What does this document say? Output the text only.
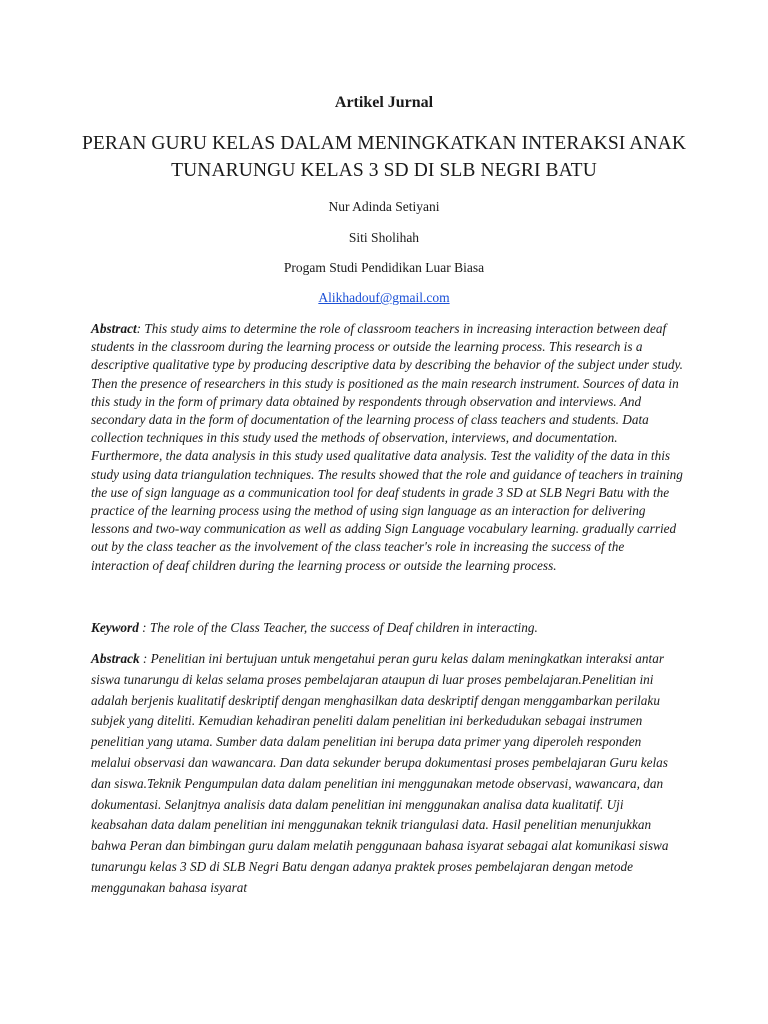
Artikel Jurnal
PERAN GURU KELAS DALAM MENINGKATKAN INTERAKSI ANAK TUNARUNGU KELAS 3 SD DI SLB NEGRI BATU
Nur Adinda Setiyani
Siti Sholihah
Progam Studi Pendidikan Luar Biasa
Alikhadouf@gmail.com
Abstract: This study aims to determine the role of classroom teachers in increasing interaction between deaf students in the classroom during the learning process or outside the learning process. This research is a descriptive qualitative type by producing descriptive data by describing the behavior of the subject under study. Then the presence of researchers in this study is positioned as the main research instrument. Sources of data in this study in the form of primary data obtained by respondents through observation and interviews. And secondary data in the form of documentation of the learning process of class teachers and students. Data collection techniques in this study used the methods of observation, interviews, and documentation. Furthermore, the data analysis in this study used qualitative data analysis. Test the validity of the data in this study using data triangulation techniques. The results showed that the role and guidance of teachers in training the use of sign language as a communication tool for deaf students in grade 3 SD at SLB Negri Batu with the practice of the learning process using the method of using sign language as an interaction for delivering lessons and two-way communication as well as adding Sign Language vocabulary learning. gradually carried out by the class teacher as the involvement of the class teacher's role in increasing the success of the interaction of deaf children during the learning process or outside the learning process.
Keyword : The role of the Class Teacher, the success of Deaf children in interacting.
Abstrack : Penelitian ini bertujuan untuk mengetahui peran guru kelas dalam meningkatkan interaksi antar siswa tunarungu di kelas selama proses pembelajaran ataupun di luar proses pembelajaran.Penelitian ini adalah berjenis kualitatif deskriptif dengan menghasilkan data deskriptif dengan menggambarkan perilaku subjek yang diteliti. Kemudian kehadiran peneliti dalam penelitian ini berkedudukan sebagai instrumen penelitian yang utama. Sumber data dalam penelitian ini berupa data primer yang diperoleh responden melalui observasi dan wawancara. Dan data sekunder berupa dokumentasi proses pembelajaran Guru kelas dan siswa.Teknik Pengumpulan data dalam penelitian ini menggunakan metode observasi, wawancara, dan dokumentasi. Selanjtnya analisis data dalam penelitian ini menggunakan analisa data kualitatif. Uji keabsahan data dalam penelitian ini menggunakan teknik triangulasi data. Hasil penelitian menunjukkan bahwa Peran dan bimbingan guru dalam melatih penggunaan bahasa isyarat sebagai alat komunikasi siswa tunarungu kelas 3 SD di SLB Negri Batu dengan adanya praktek proses pembelajaran dengan metode menggunakan bahasa isyarat
